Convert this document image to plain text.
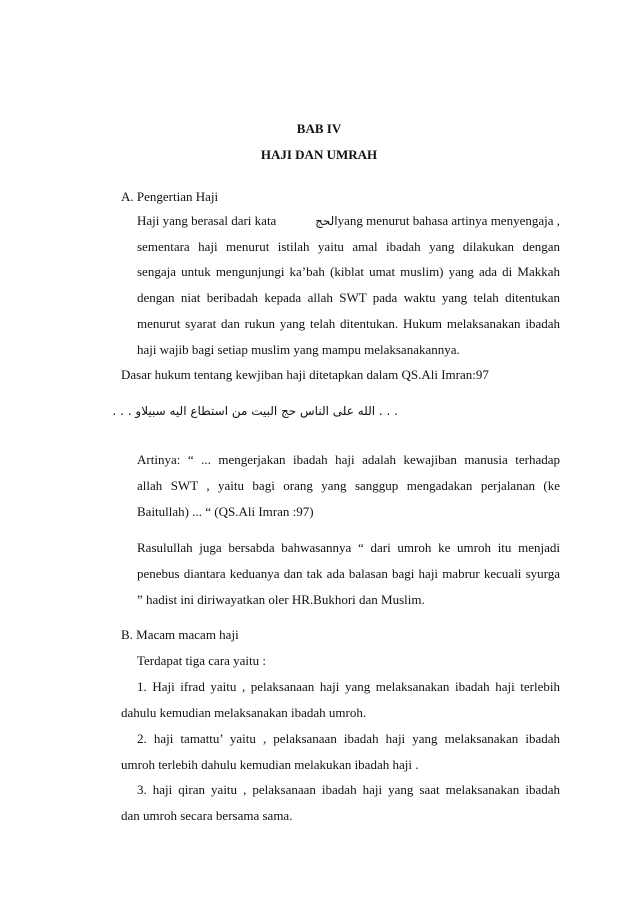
BAB IV
HAJI DAN UMRAH
A. Pengertian Haji
Haji yang berasal dari kata	الحجyang menurut bahasa artinya menyengaja ,
sementara haji menurut istilah yaitu amal ibadah yang dilakukan dengan
sengaja untuk mengunjungi ka’bah (kiblat umat muslim) yang ada di Makkah
dengan niat beribadah kepada allah SWT pada waktu yang telah ditentukan
menurut syarat dan rukun yang telah ditentukan. Hukum melaksanakan ibadah
haji wajib bagi setiap muslim yang mampu melaksanakannya.
Dasar hukum tentang kewjiban haji ditetapkan dalam QS.Ali Imran:97
. . . الله على الناس حج البيت من استطاع اليه سبيلاو . . .
Artinya: “ ... mengerjakan ibadah haji adalah kewajiban manusia terhadap
allah SWT , yaitu bagi orang yang sanggup mengadakan perjalanan (ke
Baitullah) ... “ (QS.Ali Imran :97)
Rasulullah juga bersabda bahwasannya “ dari umroh ke umroh itu menjadi
penebus diantara keduanya dan tak ada balasan bagi haji mabrur kecuali syurga
” hadist ini diriwayatkan oler HR.Bukhori dan Muslim.
B. Macam macam haji
Terdapat tiga cara yaitu :
1. Haji ifrad yaitu , pelaksanaan haji yang melaksanakan ibadah haji terlebih
dahulu kemudian melaksanakan ibadah umroh.
2. haji tamattu’ yaitu , pelaksanaan ibadah haji yang melaksanakan ibadah
umroh terlebih dahulu kemudian melakukan ibadah haji .
3. haji qiran yaitu , pelaksanaan ibadah haji yang saat melaksanakan ibadah
dan umroh secara bersama sama.
